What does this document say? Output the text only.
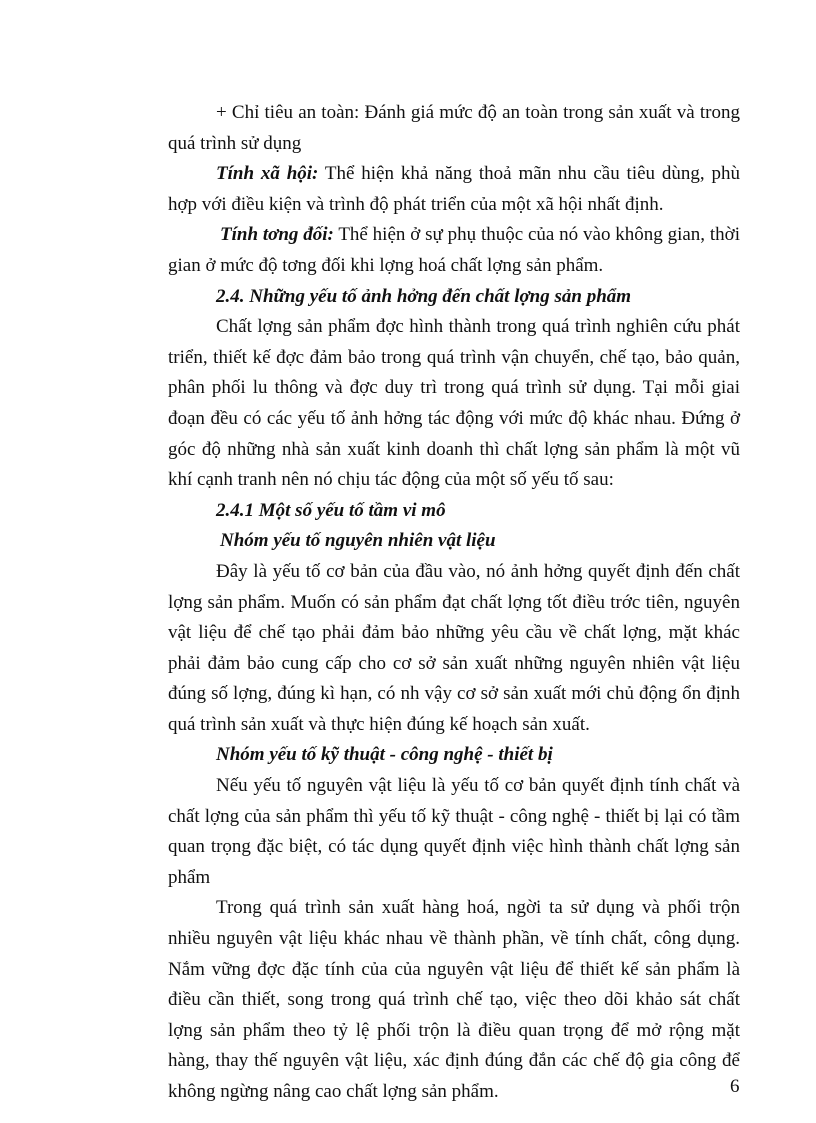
+ Chỉ tiêu an toàn: Đánh giá mức độ an toàn trong sản xuất và trong quá trình sử dụng

Tính xã hội: Thể hiện khả năng thoả mãn nhu cầu tiêu dùng, phù hợp với điều kiện và trình độ phát triển của một xã hội nhất định.

Tính tơng đối: Thể hiện ở sự phụ thuộc của nó vào không gian, thời gian ở mức độ tơng đối khi lợng hoá chất lợng sản phẩm.

2.4. Những yếu tố ảnh hởng đến chất lợng sản phẩm

Chất lợng sản phẩm đợc hình thành trong quá trình nghiên cứu phát triển, thiết kế đợc đảm bảo trong quá trình vận chuyển, chế tạo, bảo quản, phân phối lu thông và đợc duy trì trong quá trình sử dụng. Tại mỗi giai đoạn đều có các yếu tố ảnh hởng tác động với mức độ khác nhau. Đứng ở góc độ những nhà sản xuất kinh doanh thì chất lợng sản phẩm là một vũ khí cạnh tranh nên nó chịu tác động của một số yếu tố sau:

2.4.1 Một số yếu tố tầm vi mô

Nhóm yếu tố nguyên nhiên vật liệu

Đây là yếu tố cơ bản của đầu vào, nó ảnh hởng quyết định đến chất lợng sản phẩm. Muốn có sản phẩm đạt chất lợng tốt điều trớc tiên, nguyên vật liệu để chế tạo phải đảm bảo những yêu cầu về chất lợng, mặt khác phải đảm bảo cung cấp cho cơ sở sản xuất những nguyên nhiên vật liệu đúng số lợng, đúng kì hạn, có nh vậy cơ sở sản xuất mới chủ động ổn định quá trình sản xuất và thực hiện đúng kế hoạch sản xuất.

Nhóm yếu tố kỹ thuật - công nghệ - thiết bị

Nếu yếu tố nguyên vật liệu là yếu tố cơ bản quyết định tính chất và chất lợng của sản phẩm thì yếu tố kỹ thuật - công nghệ - thiết bị lại có tầm quan trọng đặc biệt, có tác dụng quyết định việc hình thành chất lợng sản phẩm

Trong quá trình sản xuất hàng hoá, ngời ta sử dụng và phối trộn nhiều nguyên vật liệu khác nhau về thành phần, về tính chất, công dụng. Nắm vững đợc đặc tính của của nguyên vật liệu để thiết kế sản phẩm là điều cần thiết, song trong quá trình chế tạo, việc theo dõi khảo sát chất lợng sản phẩm theo tỷ lệ phối trộn là điều quan trọng để mở rộng mặt hàng, thay thế nguyên vật liệu, xác định đúng đắn các chế độ gia công để không ngừng nâng cao chất lợng sản phẩm.	6
